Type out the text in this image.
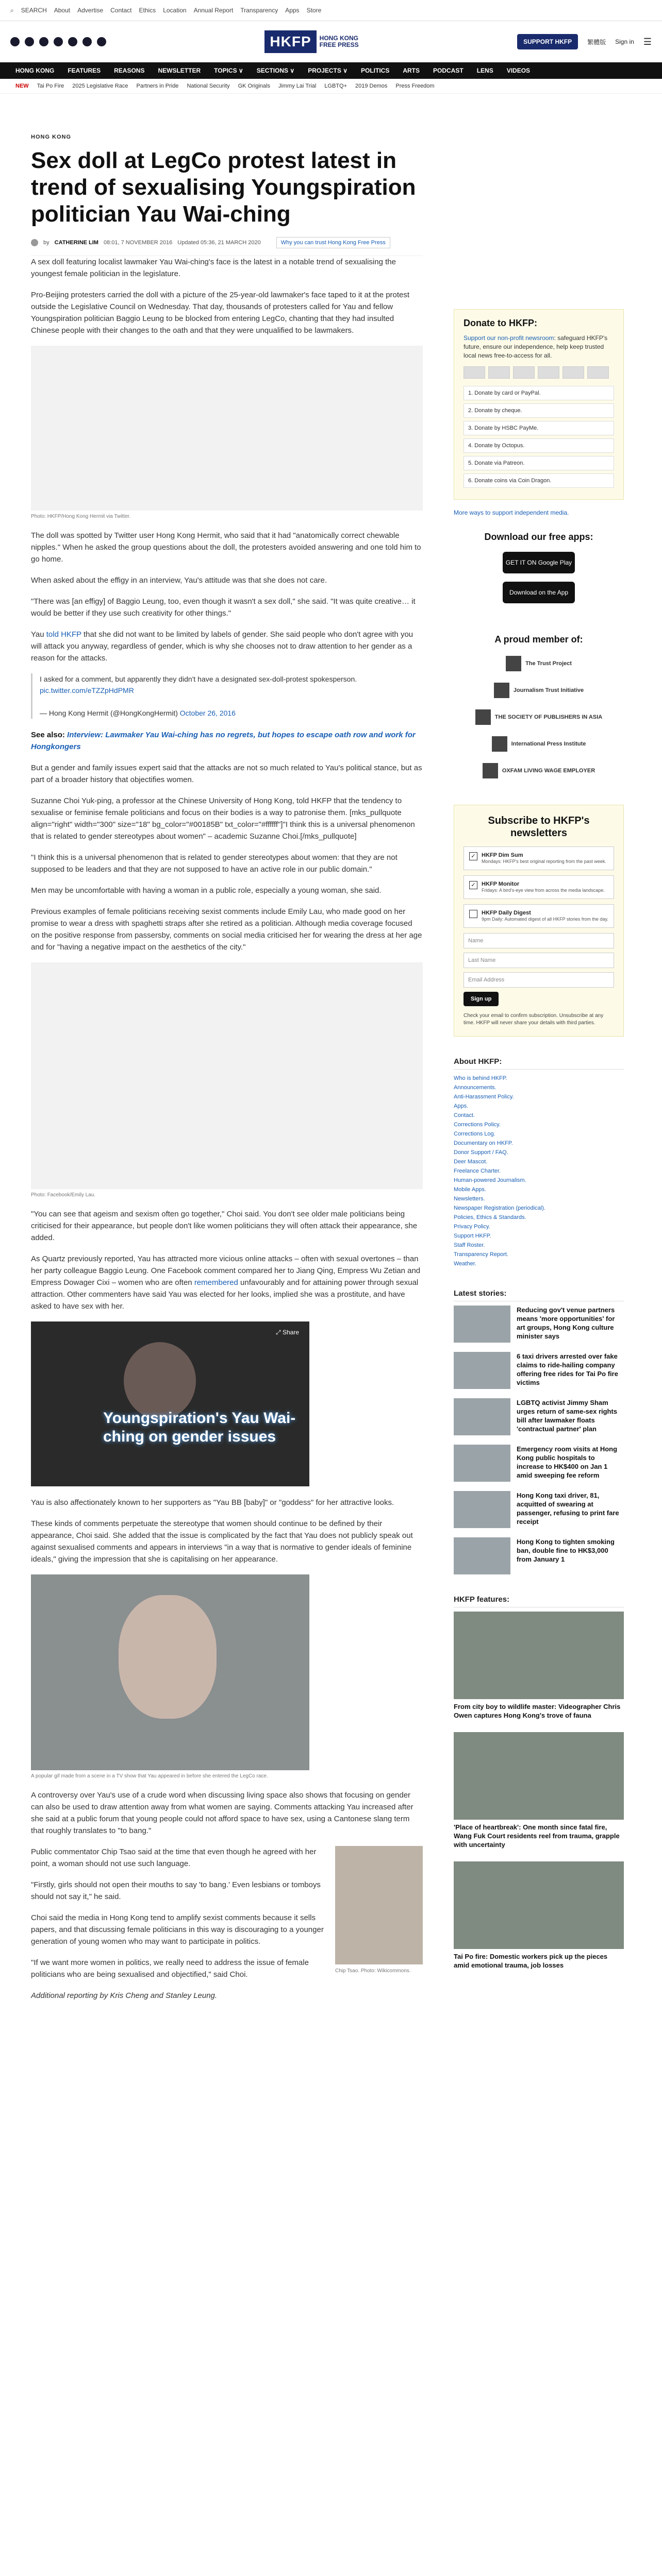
⌕ SEARCH About Advertise Contact Ethics Location Annual Report Transparency Apps Store
HKFP	HONG KONG
FREE PRESS	SUPPORT HKFP	繁體版 Sign in ☰
HONG KONG FEATURES REASONS NEWSLETTER TOPICS ∨ SECTIONS ∨ PROJECTS ∨ POLITICS ARTS PODCAST LENS VIDEOS
NEW Tai Po Fire 2025 Legislative Race Partners in Pride National Security GK Originals Jimmy Lai Trial LGBTQ+ 2019 Demos Press Freedom
HONG KONG
Sex doll at LegCo protest latest in trend of sexualising Youngspiration politician Yau Wai-ching
by CATHERINE LIM 08:01, 7 NOVEMBER 2016 Updated 05:36, 21 MARCH 2020	Why you can trust Hong Kong Free Press

A sex doll featuring localist lawmaker Yau Wai-ching's face is the latest in a notable trend of sexualising the youngest female politician in the legislature.

Pro-Beijing protesters carried the doll with a picture of the 25-year-old lawmaker's face taped to it at the protest outside the Legislative Council on Wednesday. That day, thousands of protesters called for Yau and fellow Youngspiration politician Baggio Leung to be blocked from entering LegCo, chanting that they had insulted Chinese people with their changes to the oath and that they were unqualified to be lawmakers.

Photo: HKFP/Hong Kong Hermit via Twitter.

The doll was spotted by Twitter user Hong Kong Hermit, who said that it had "anatomically correct chewable nipples." When he asked the group questions about the doll, the protesters avoided answering and one told him to go home.

When asked about the effigy in an interview, Yau's attitude was that she does not care.

"There was [an effigy] of Baggio Leung, too, even though it wasn't a sex doll," she said. "It was quite creative… it would be better if they use such creativity for other things."

Yau told HKFP that she did not want to be limited by labels of gender. She said people who don't agree with you will attack you anyway, regardless of gender, which is why she chooses not to draw attention to her gender as a reason for the attacks.

I asked for a comment, but apparently they didn't have a designated sex-doll-protest spokesperson. pic.twitter.com/eTZZpHdPMR

— Hong Kong Hermit (@HongKongHermit) October 26, 2016

See also: Interview: Lawmaker Yau Wai-ching has no regrets, but hopes to escape oath row and work for Hongkongers

But a gender and family issues expert said that the attacks are not so much related to Yau's political stance, but as part of a broader history that objectifies women.

Suzanne Choi Yuk-ping, a professor at the Chinese University of Hong Kong, told HKFP that the tendency to sexualise or feminise female politicians and focus on their bodies is a way to patronise them. [mks_pullquote align="right" width="300" size="18" bg_color="#00185B" txt_color="#ffffff"]"I think this is a universal phenomenon that is related to gender stereotypes about women" – academic Suzanne Choi.[/mks_pullquote]

"I think this is a universal phenomenon that is related to gender stereotypes about women: that they are not supposed to be leaders and that they are not supposed to have an active role in our public domain."

Men may be uncomfortable with having a woman in a public role, especially a young woman, she said.

Previous examples of female politicians receiving sexist comments include Emily Lau, who made good on her promise to wear a dress with spaghetti straps after she retired as a politician. Although media coverage focused on the positive response from passersby, comments on social media criticised her for wearing the dress at her age and for "having a negative impact on the aesthetics of the city."

Photo: Facebook/Emily Lau.

"You can see that ageism and sexism often go together," Choi said. You don't see older male politicians being criticised for their appearance, but people don't like women politicians they will often attack their appearance, she added.

As Quartz previously reported, Yau has attracted more vicious online attacks – often with sexual overtones – than her party colleague Baggio Leung. One Facebook comment compared her to Jiang Qing, Empress Wu Zetian and Empress Dowager Cixi – women who are often remembered unfavourably and for attaining power through sexual attraction. Other commenters have said Yau was elected for her looks, implied she was a prostitute, and have asked to have sex with her.

⤢ Share
Youngspiration's Yau Wai-ching on gender issues

Yau is also affectionately known to her supporters as "Yau BB [baby]" or "goddess" for her attractive looks.

These kinds of comments perpetuate the stereotype that women should continue to be defined by their appearance, Choi said. She added that the issue is complicated by the fact that Yau does not publicly speak out against sexualised comments and appears in interviews "in a way that is normative to gender ideals of feminine ideals," giving the impression that she is capitalising on her appearance.

A popular gif made from a scene in a TV show that Yau appeared in before she entered the LegCo race.

A controversy over Yau's use of a crude word when discussing living space also shows that focusing on gender can also be used to draw attention away from what women are saying. Comments attacking Yau increased after she said at a public forum that young people could not afford space to have sex, using a Cantonese slang term that roughly translates to "to bang."

Chip Tsao. Photo: Wikicommons.

Public commentator Chip Tsao said at the time that even though he agreed with her point, a woman should not use such language.

"Firstly, girls should not open their mouths to say 'to bang.' Even lesbians or tomboys should not say it," he said.

Choi said the media in Hong Kong tend to amplify sexist comments because it sells papers, and that discussing female politicians in this way is discouraging to a younger generation of young women who may want to participate in politics.

"If we want more women in politics, we really need to address the issue of female politicians who are being sexualised and objectified," said Choi.

Additional reporting by Kris Cheng and Stanley Leung.

Donate to HKFP:
Support our non-profit newsroom: safeguard HKFP's future, ensure our independence, help keep trusted local news free-to-access for all.
1. Donate by card or PayPal.
2. Donate by cheque.
3. Donate by HSBC PayMe.
4. Donate by Octopus.
5. Donate via Patreon.
6. Donate coins via Coin Dragon.
More ways to support independent media.
Download our free apps:
GET IT ON Google Play
Download on the App Store
A proud member of:
The Trust Project
Journalism Trust Initiative
THE SOCIETY OF PUBLISHERS IN ASIA
International Press Institute
OXFAM LIVING WAGE EMPLOYER
Subscribe to HKFP's newsletters
✓	HKFP Dim Sum
Mondays: HKFP's best original reporting from the past week.
✓	HKFP Monitor
Fridays: A bird's-eye view from across the media landscape.
HKFP Daily Digest
9pm Daily: Automated digest of all HKFP stories from the day.
Name
Last Name
Email Address
Sign up
Check your email to confirm subscription. Unsubscribe at any time. HKFP will never share your details with third parties.
About HKFP:
Who is behind HKFP.
Announcements.
Anti-Harassment Policy.
Apps.
Contact.
Corrections Policy.
Corrections Log.
Documentary on HKFP.
Donor Support / FAQ.
Deer Mascot.
Freelance Charter.
Human-powered Journalism.
Mobile Apps.
Newsletters.
Newspaper Registration (periodical).
Policies, Ethics & Standards.
Privacy Policy.
Support HKFP.
Staff Roster.
Transparency Report.
Weather.
Latest stories:
Reducing gov't venue partners means 'more opportunities' for art groups, Hong Kong culture minister says
6 taxi drivers arrested over fake claims to ride-hailing company offering free rides for Tai Po fire victims
LGBTQ activist Jimmy Sham urges return of same-sex rights bill after lawmaker floats 'contractual partner' plan
Emergency room visits at Hong Kong public hospitals to increase to HK$400 on Jan 1 amid sweeping fee reform
Hong Kong taxi driver, 81, acquitted of swearing at passenger, refusing to print fare receipt
Hong Kong to tighten smoking ban, double fine to HK$3,000 from January 1
HKFP features:
From city boy to wildlife master: Videographer Chris Owen captures Hong Kong's trove of fauna
'Place of heartbreak': One month since fatal fire, Wang Fuk Court residents reel from trauma, grapple with uncertainty
Tai Po fire: Domestic workers pick up the pieces amid emotional trauma, job losses
